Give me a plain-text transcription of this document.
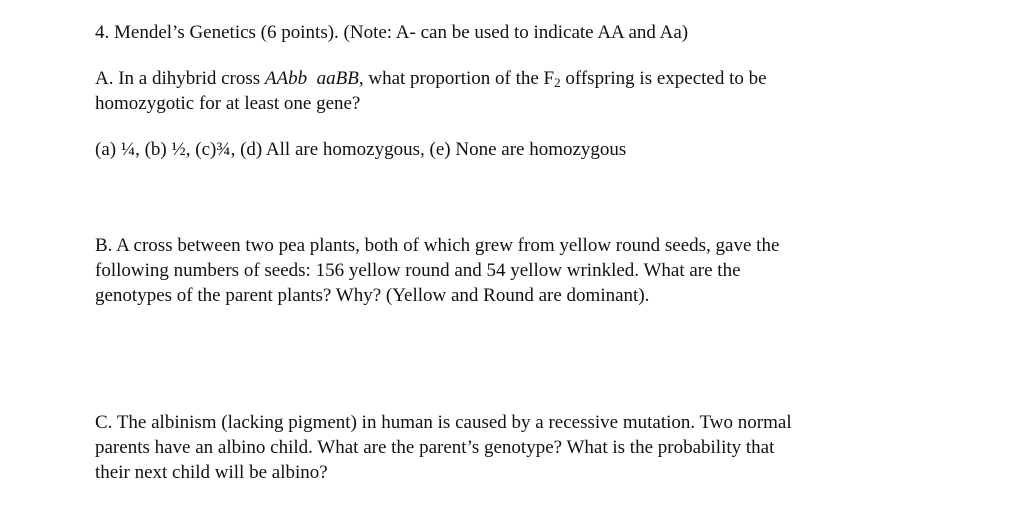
4. Mendel’s Genetics (6 points). (Note: A- can be used to indicate AA and Aa)
A. In a dihybrid cross AAbb aaBB, what proportion of the $F_2$ offspring is expected to be
homozygotic for at least one gene?
(a) ¼, (b) ½, (c)¾, (d) All are homozygous, (e) None are homozygous
B. A cross between two pea plants, both of which grew from yellow round seeds, gave the
following numbers of seeds: 156 yellow round and 54 yellow wrinkled. What are the
genotypes of the parent plants? Why? (Yellow and Round are dominant).
C. The albinism (lacking pigment) in human is caused by a recessive mutation. Two normal
parents have an albino child. What are the parent’s genotype? What is the probability that
their next child will be albino?
